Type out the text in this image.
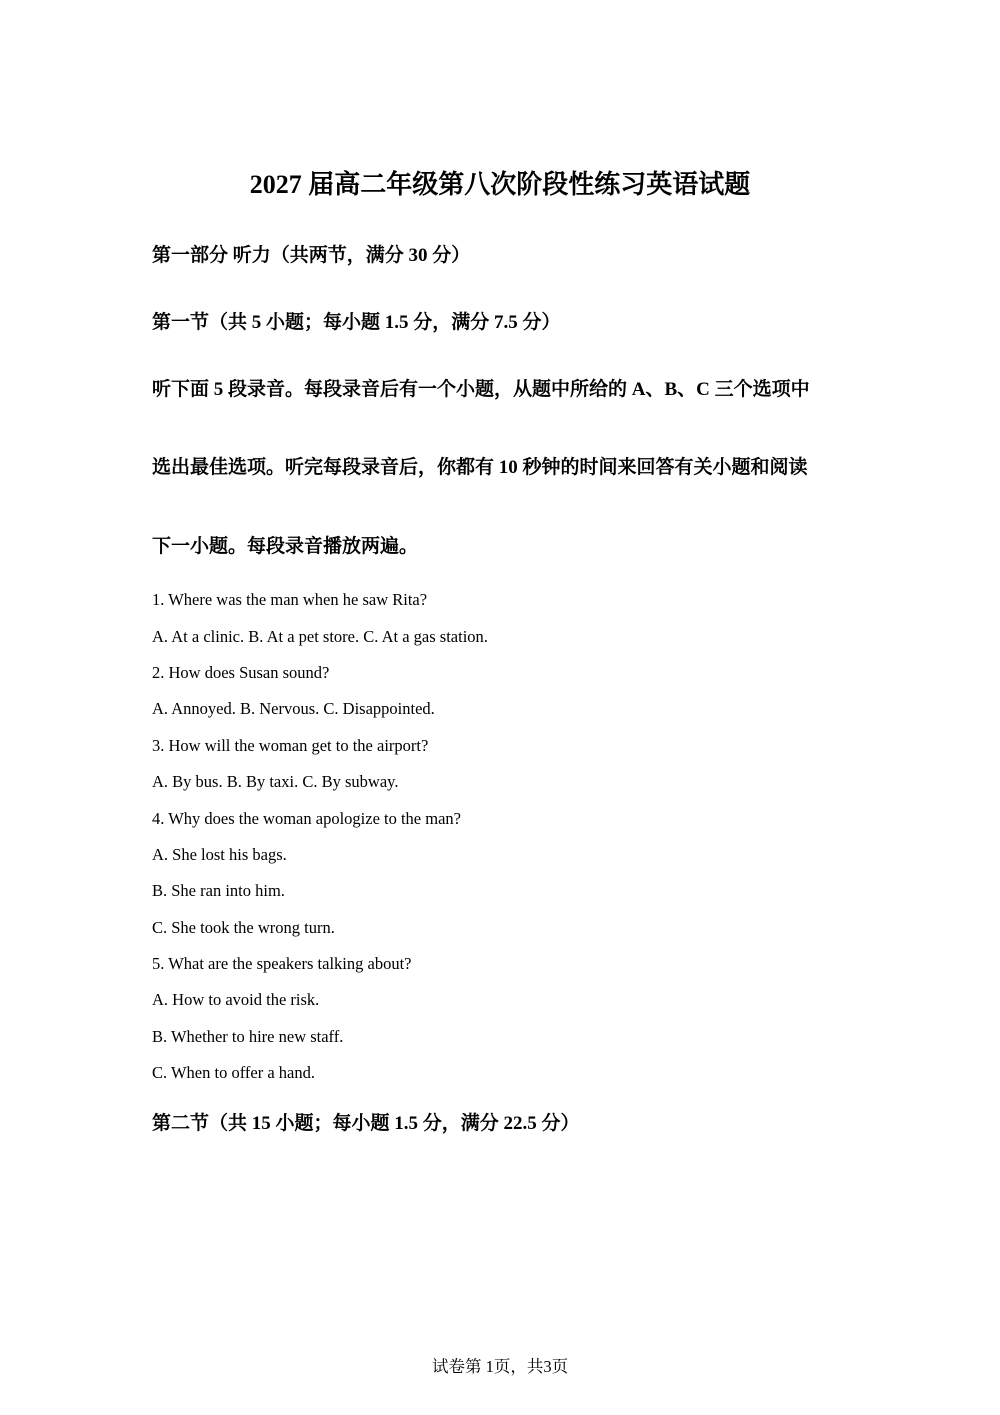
2027 届高二年级第八次阶段性练习英语试题
第一部分 听力（共两节，满分 30 分）
第一节（共 5 小题；每小题 1.5 分，满分 7.5 分）
听下面 5 段录音。每段录音后有一个小题，从题中所给的 A、B、C 三个选项中
选出最佳选项。听完每段录音后，你都有 10 秒钟的时间来回答有关小题和阅读
下一小题。每段录音播放两遍。
1. Where was the man when he saw Rita?
A. At a clinic. B. At a pet store. C. At a gas station.
2. How does Susan sound?
A. Annoyed. B. Nervous. C. Disappointed.
3. How will the woman get to the airport?
A. By bus. B. By taxi. C. By subway.
4. Why does the woman apologize to the man?
A. She lost his bags.
B. She ran into him.
C. She took the wrong turn.
5. What are the speakers talking about?
A. How to avoid the risk.
B. Whether to hire new staff.
C. When to offer a hand.
第二节（共 15 小题；每小题 1.5 分，满分 22.5 分）
试卷第 1页，共3页
